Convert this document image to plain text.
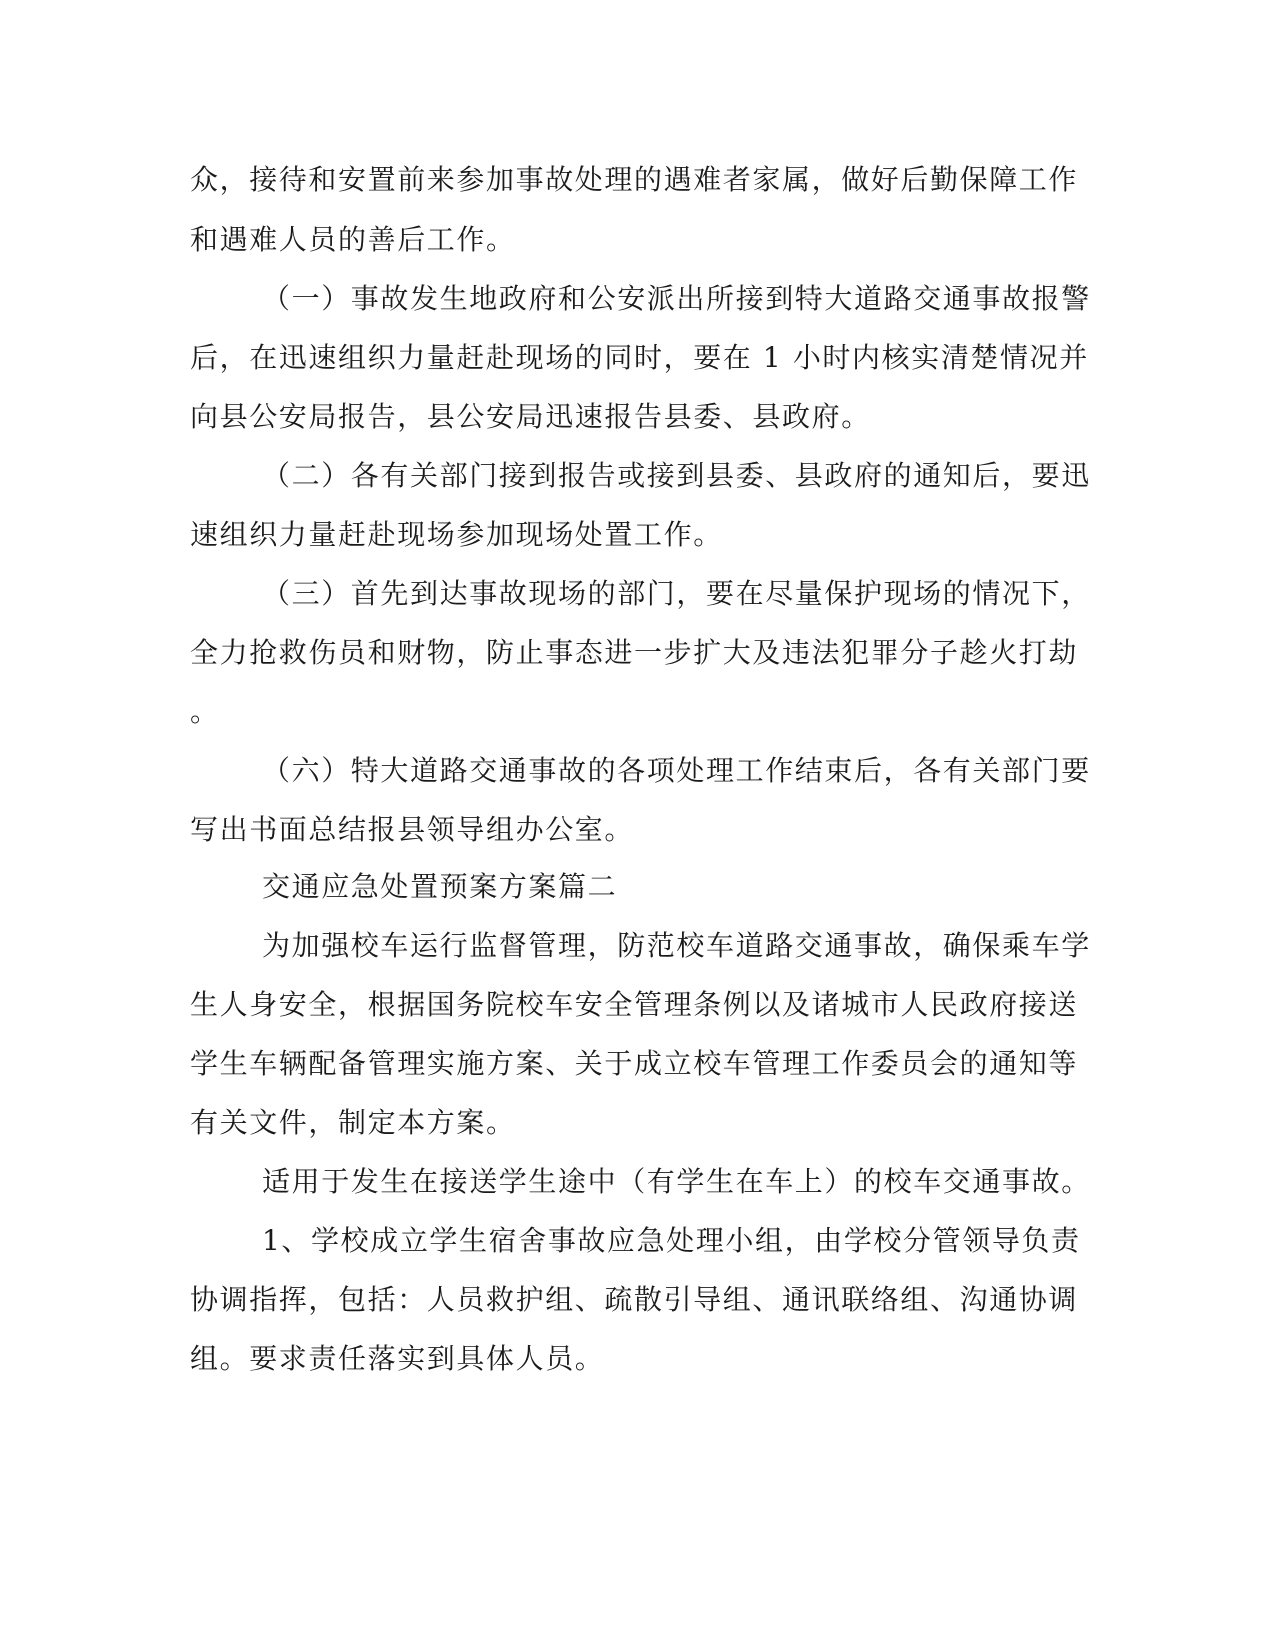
众，接待和安置前来参加事故处理的遇难者家属，做好后勤保障工作
和遇难人员的善后工作。
（一）事故发生地政府和公安派出所接到特大道路交通事故报警
后，在迅速组织力量赶赴现场的同时，要在 1 小时内核实清楚情况并
向县公安局报告，县公安局迅速报告县委、县政府。
（二）各有关部门接到报告或接到县委、县政府的通知后，要迅
速组织力量赶赴现场参加现场处置工作。
（三）首先到达事故现场的部门，要在尽量保护现场的情况下，
全力抢救伤员和财物，防止事态进一步扩大及违法犯罪分子趁火打劫
。
（六）特大道路交通事故的各项处理工作结束后，各有关部门要
写出书面总结报县领导组办公室。
交通应急处置预案方案篇二
为加强校车运行监督管理，防范校车道路交通事故，确保乘车学
生人身安全，根据国务院校车安全管理条例以及诸城市人民政府接送
学生车辆配备管理实施方案、关于成立校车管理工作委员会的通知等
有关文件，制定本方案。
适用于发生在接送学生途中（有学生在车上）的校车交通事故。
1、学校成立学生宿舍事故应急处理小组，由学校分管领导负责
协调指挥，包括：人员救护组、疏散引导组、通讯联络组、沟通协调
组。要求责任落实到具体人员。
